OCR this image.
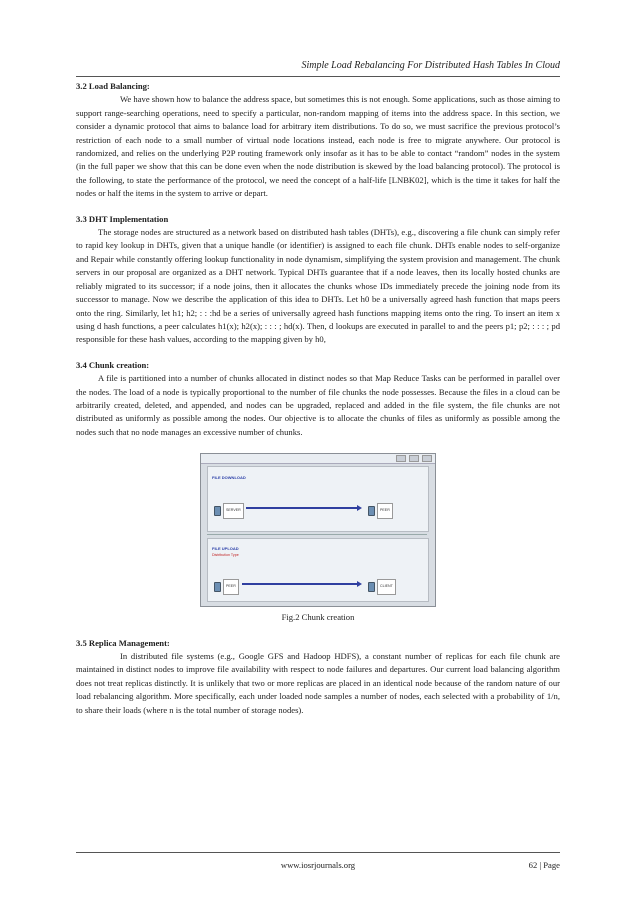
Simple Load Rebalancing For Distributed Hash Tables In Cloud

3.2 Load Balancing:

We have shown how to balance the address space, but sometimes this is not enough. Some applications, such as those aiming to support range-searching operations, need to specify a particular, non-random mapping of items into the address space. In this section, we consider a dynamic protocol that aims to balance load for arbitrary item distributions. To do so, we must sacrifice the previous protocol’s restriction of each node to a small number of virtual node locations instead, each node is free to migrate anywhere. Our protocol is randomized, and relies on the underlying P2P routing framework only insofar as it has to be able to contact “random” nodes in the system (in the full paper we show that this can be done even when the node distribution is skewed by the load balancing protocol). The protocol is the following, to state the performance of the protocol, we need the concept of a half-life [LNBK02], which is the time it takes for half the nodes or half the items in the system to arrive or depart.

3.3 DHT Implementation

The storage nodes are structured as a network based on distributed hash tables (DHTs), e.g., discovering a file chunk can simply refer to rapid key lookup in DHTs, given that a unique handle (or identifier) is assigned to each file chunk. DHTs enable nodes to self-organize and Repair while constantly offering lookup functionality in node dynamism, simplifying the system provision and management. The chunk servers in our proposal are organized as a DHT network. Typical DHTs guarantee that if a node leaves, then its locally hosted chunks are reliably migrated to its successor; if a node joins, then it allocates the chunks whose IDs immediately precede the joining node from its successor to manage. Now we describe the application of this idea to DHTs. Let h0 be a universally agreed hash function that maps peers onto the ring. Similarly, let h1; h2; : : :hd be a series of universally agreed hash functions mapping items onto the ring. To insert an item x using d hash functions, a peer calculates h1(x); h2(x); : : : ; hd(x). Then, d lookups are executed in parallel to and the peers p1; p2; : : : ; pd responsible for these hash values, according to the mapping given by h0,

3.4 Chunk creation:

A file is partitioned into a number of chunks allocated in distinct nodes so that Map Reduce Tasks can be performed in parallel over the nodes. The load of a node is typically proportional to the number of file chunks the node possesses. Because the files in a cloud can be arbitrarily created, deleted, and appended, and nodes can be upgraded, replaced and added in the file system, the file chunks are not distributed as uniformly as possible among the nodes. Our objective is to allocate the chunks of files as uniformly as possible among the nodes such that no node manages an excessive number of chunks.

FILE DOWNLOAD
SERVER	PEER
FILE UPLOAD
Distribution Type
PEER	CLIENT
Fig.2 Chunk creation

3.5 Replica Management:

In distributed file systems (e.g., Google GFS and Hadoop HDFS), a constant number of replicas for each file chunk are maintained in distinct nodes to improve file availability with respect to node failures and departures. Our current load balancing algorithm does not treat replicas distinctly. It is unlikely that two or more replicas are placed in an identical node because of the random nature of our load rebalancing algorithm. More specifically, each under loaded node samples a number of nodes, each selected with a probability of 1/n, to share their loads (where n is the total number of storage nodes).

www.iosrjournals.org	62 | Page
